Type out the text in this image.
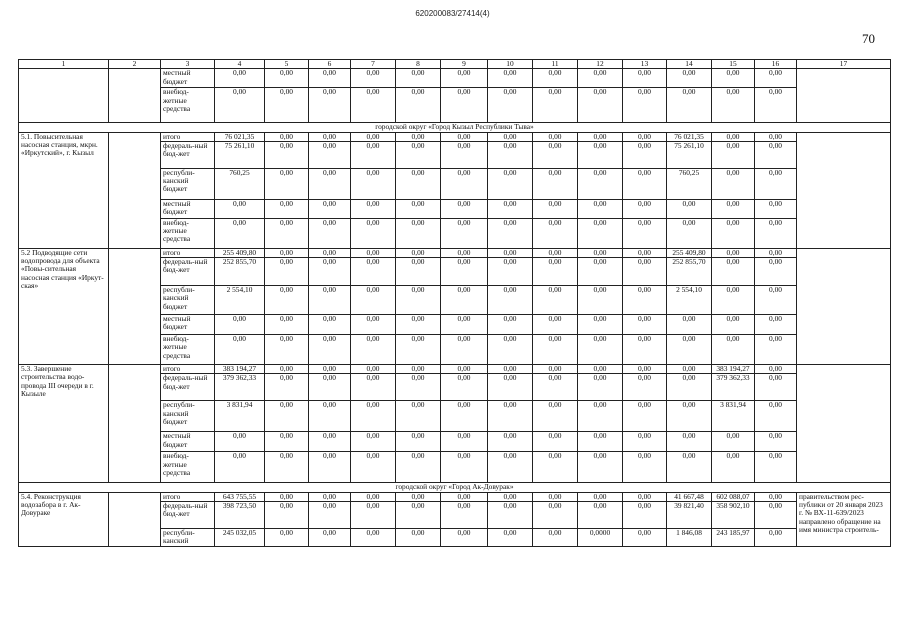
620200083/27414(4)
70
1	2	3	4	5	6	7	8	9	10	11	12	13	14	15	16	17
		местный бюджет	0,00	0,00	0,00	0,00	0,00	0,00	0,00	0,00	0,00	0,00	0,00	0,00	0,00	
		внебюд-жетные средства	0,00	0,00	0,00	0,00	0,00	0,00	0,00	0,00	0,00	0,00	0,00	0,00	0,00	
городской округ «Город Кызыл Республики Тыва»																
5.1. Повысительная насосная станция, мкрн. «Иркутский», г. Кызыл		итого	76 021,35	0,00	0,00	0,00	0,00	0,00	0,00	0,00	0,00	0,00	76 021,35	0,00	0,00	
		федераль-ный бюд-жет	75 261,10	0,00	0,00	0,00	0,00	0,00	0,00	0,00	0,00	0,00	75 261,10	0,00	0,00	
		республи-канский бюджет	760,25	0,00	0,00	0,00	0,00	0,00	0,00	0,00	0,00	0,00	760,25	0,00	0,00	
		местный бюджет	0,00	0,00	0,00	0,00	0,00	0,00	0,00	0,00	0,00	0,00	0,00	0,00	0,00	
		внебюд-жетные средства	0,00	0,00	0,00	0,00	0,00	0,00	0,00	0,00	0,00	0,00	0,00	0,00	0,00	
5.2 Подводящие сети водопровода для объекта «Повы-сительная насосная станция «Иркут-ская»		итого	255 409,80	0,00	0,00	0,00	0,00	0,00	0,00	0,00	0,00	0,00	255 409,80	0,00	0,00	
		федераль-ный бюд-жет	252 855,70	0,00	0,00	0,00	0,00	0,00	0,00	0,00	0,00	0,00	252 855,70	0,00	0,00	
		республи-канский бюджет	2 554,10	0,00	0,00	0,00	0,00	0,00	0,00	0,00	0,00	0,00	2 554,10	0,00	0,00	
		местный бюджет	0,00	0,00	0,00	0,00	0,00	0,00	0,00	0,00	0,00	0,00	0,00	0,00	0,00	
		внебюд-жетные средства	0,00	0,00	0,00	0,00	0,00	0,00	0,00	0,00	0,00	0,00	0,00	0,00	0,00	
5.3. Завершение строительства водо-провода III очереди в г. Кызыле		итого	383 194,27	0,00	0,00	0,00	0,00	0,00	0,00	0,00	0,00	0,00	0,00	383 194,27	0,00	
		федераль-ный бюд-жет	379 362,33	0,00	0,00	0,00	0,00	0,00	0,00	0,00	0,00	0,00	0,00	379 362,33	0,00	
		республи-канский бюджет	3 831,94	0,00	0,00	0,00	0,00	0,00	0,00	0,00	0,00	0,00	0,00	3 831,94	0,00	
		местный бюджет	0,00	0,00	0,00	0,00	0,00	0,00	0,00	0,00	0,00	0,00	0,00	0,00	0,00	
		внебюд-жетные средства	0,00	0,00	0,00	0,00	0,00	0,00	0,00	0,00	0,00	0,00	0,00	0,00	0,00	
городской округ «Город Ак-Довурак»																
5.4. Реконструкция водозабора в г. Ак-Довураке		итого	643 755,55	0,00	0,00	0,00	0,00	0,00	0,00	0,00	0,00	0,00	41 667,48	602 088,07	0,00	правительством рес-публики от 20 января 2023 г. № ВХ-11-639/2023 направлено обращение на имя министра строитель-
		федераль-ный бюд-жет	398 723,50	0,00	0,00	0,00	0,00	0,00	0,00	0,00	0,00	0,00	39 821,40	358 902,10	0,00	
		республи-канский	245 032,05	0,00	0,00	0,00	0,00	0,00	0,00	0,00	0,0000	0,00	1 846,08	243 185,97	0,00	
